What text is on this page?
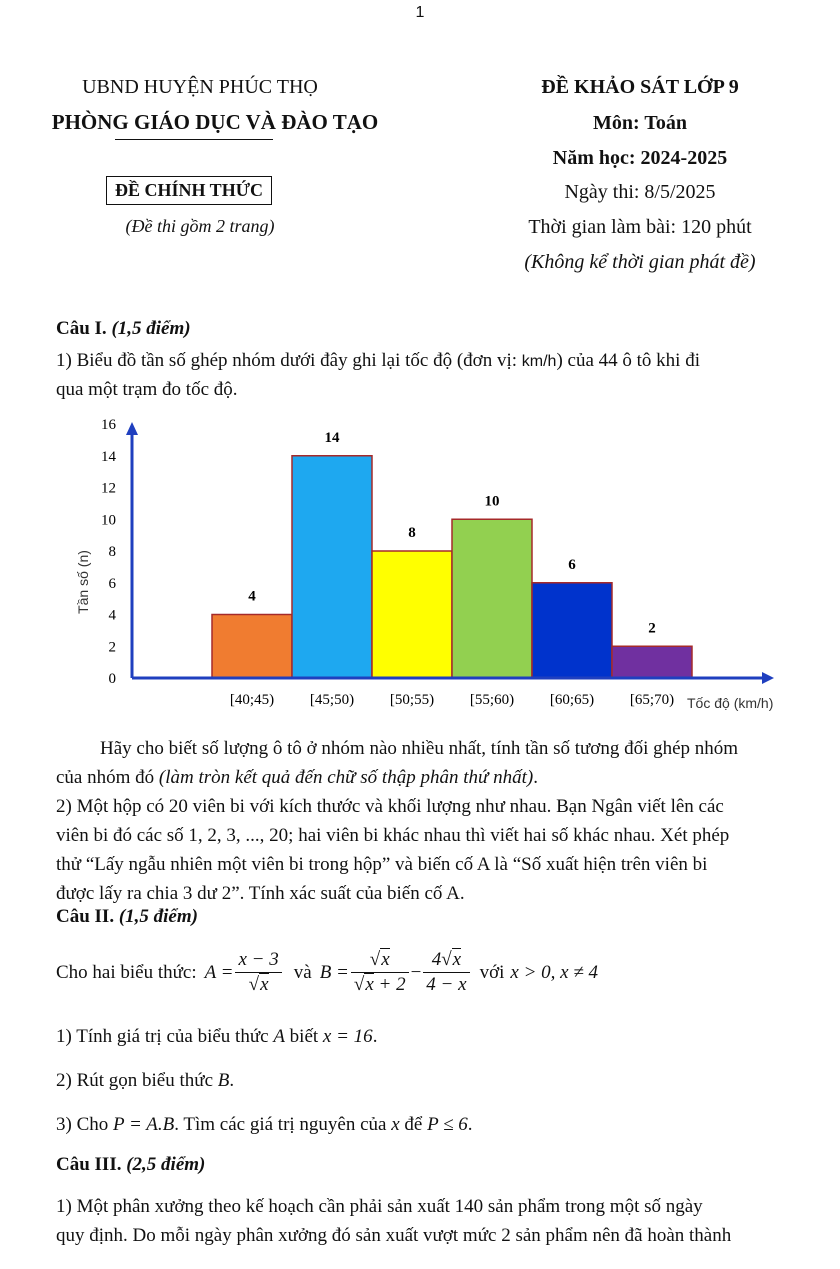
1
UBND HUYỆN PHÚC THỌ
PHÒNG GIÁO DỤC VÀ ĐÀO TẠO
ĐỀ CHÍNH THỨC
(Đề thi gồm 2 trang)
ĐỀ KHẢO SÁT LỚP 9
Môn: Toán
Năm học: 2024-2025
Ngày thi: 8/5/2025
Thời gian làm bài: 120 phút
(Không kể thời gian phát đề)
Câu I. (1,5 điểm)
1) Biểu đồ tần số ghép nhóm dưới đây ghi lại tốc độ (đơn vị: km/h) của 44 ô tô khi đi
qua một trạm đo tốc độ.
0
2
4
6
8
10
12
14
16
4
14
8
10
6
2
[40;45) [45;50) [50;55) [55;60) [60;65) [65;70)
Tần số (n)
Tốc độ (km/h)
Hãy cho biết số lượng ô tô ở nhóm nào nhiều nhất, tính tần số tương đối ghép nhóm
của nhóm đó (làm tròn kết quả đến chữ số thập phân thứ nhất).
2) Một hộp có 20 viên bi với kích thước và khối lượng như nhau. Bạn Ngân viết lên các
viên bi đó các số 1, 2, 3, ..., 20; hai viên bi khác nhau thì viết hai số khác nhau. Xét phép
thử “Lấy ngẫu nhiên một viên bi trong hộp” và biến cố A là “Số xuất hiện trên viên bi
được lấy ra chia 3 dư 2”. Tính xác suất của biến cố A.
Câu II. (1,5 điểm)
Cho hai biểu thức: $A = \frac{x - 3}{√x}$ và $B = \frac{√x}{√x + 2} - \frac{4√x}{4 - x}$ với x > 0, x ≠ 4
1) Tính giá trị của biểu thức A biết x = 16.
2) Rút gọn biểu thức B.
3) Cho P = A.B. Tìm các giá trị nguyên của x để P ≤ 6.
Câu III. (2,5 điểm)
1) Một phân xưởng theo kế hoạch cần phải sản xuất 140 sản phẩm trong một số ngày
quy định. Do mỗi ngày phân xưởng đó sản xuất vượt mức 2 sản phẩm nên đã hoàn thành
